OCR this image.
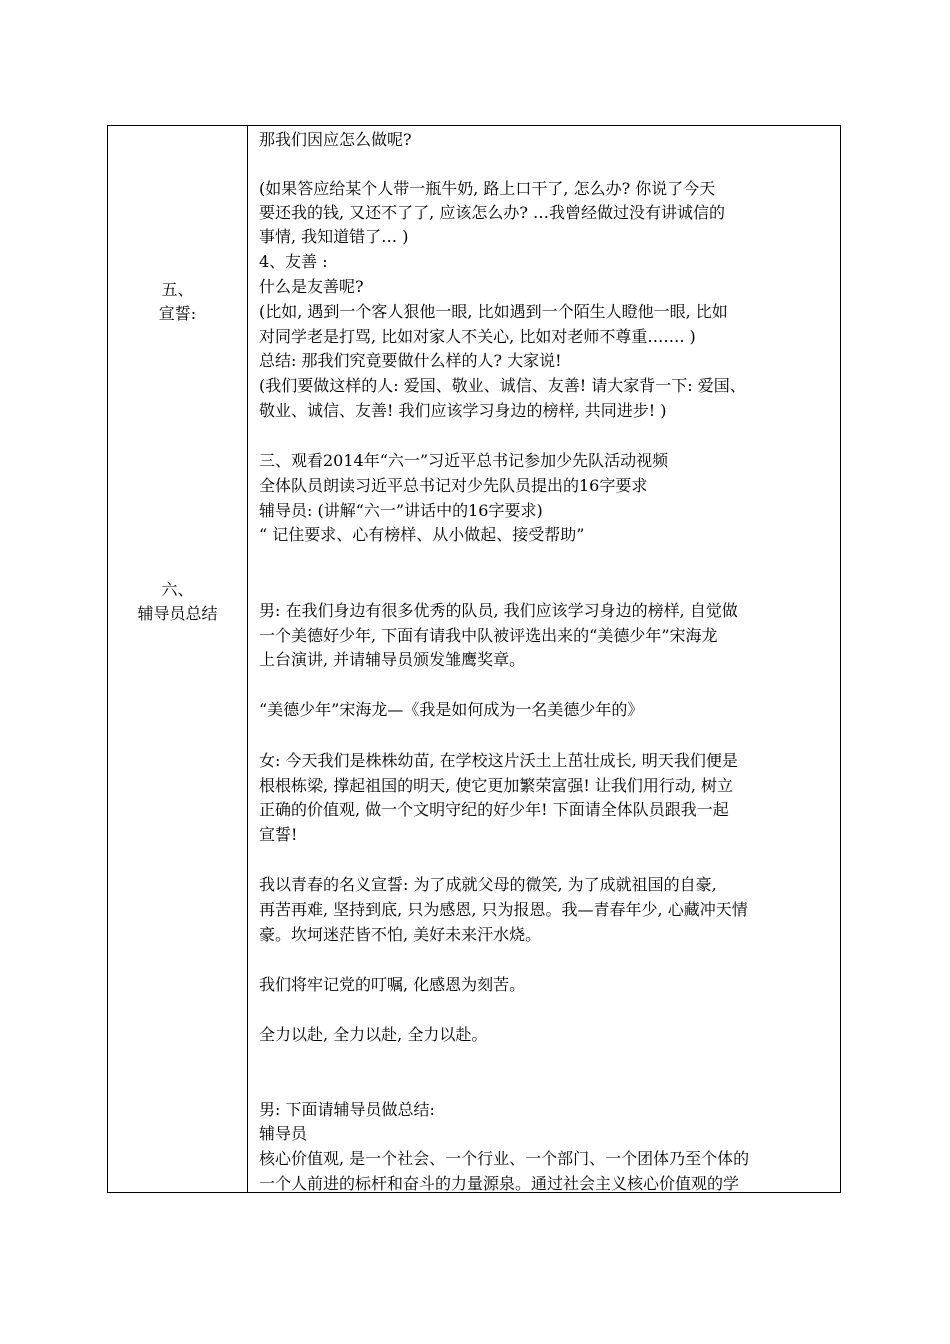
五、
宣誓:
六、
辅导员总结
那我们因应怎么做呢?
(如果答应给某个人带一瓶牛奶, 路上口干了, 怎么办? 你说了今天
要还我的钱, 又还不了了, 应该怎么办? …我曾经做过没有讲诚信的
事情, 我知道错了… )
4、友善 :
什么是友善呢?
(比如, 遇到一个客人狠他一眼, 比如遇到一个陌生人瞪他一眼, 比如
对同学老是打骂, 比如对家人不关心, 比如对老师不尊重……. )
总结: 那我们究竟要做什么样的人? 大家说!
(我们要做这样的人: 爱国、敬业、诚信、友善! 请大家背一下: 爱国、
敬业、诚信、友善! 我们应该学习身边的榜样, 共同进步! )
三、观看2014年“六一”习近平总书记参加少先队活动视频
全体队员朗读习近平总书记对少先队员提出的16字要求
辅导员: (讲解“六一”讲话中的16字要求)
“ 记住要求、心有榜样、从小做起、接受帮助”
男: 在我们身边有很多优秀的队员, 我们应该学习身边的榜样, 自觉做
一个美德好少年, 下面有请我中队被评选出来的“美德少年”宋海龙
上台演讲, 并请辅导员颁发雏鹰奖章。
“美德少年”宋海龙—《我是如何成为一名美德少年的》
女: 今天我们是株株幼苗, 在学校这片沃土上茁壮成长, 明天我们便是
根根栋梁, 撑起祖国的明天, 使它更加繁荣富强! 让我们用行动, 树立
正确的价值观, 做一个文明守纪的好少年! 下面请全体队员跟我一起
宣誓!
我以青春的名义宣誓: 为了成就父母的微笑, 为了成就祖国的自豪,
再苦再难, 坚持到底, 只为感恩, 只为报恩。我—青春年少, 心藏冲天情
豪。坎坷迷茫皆不怕, 美好未来汗水烧。
我们将牢记党的叮嘱, 化感恩为刻苦。
全力以赴, 全力以赴, 全力以赴。
男: 下面请辅导员做总结:
辅导员
核心价值观, 是一个社会、一个行业、一个部门、一个团体乃至个体的
一个人前进的标杆和奋斗的力量源泉。通过社会主义核心价值观的学
